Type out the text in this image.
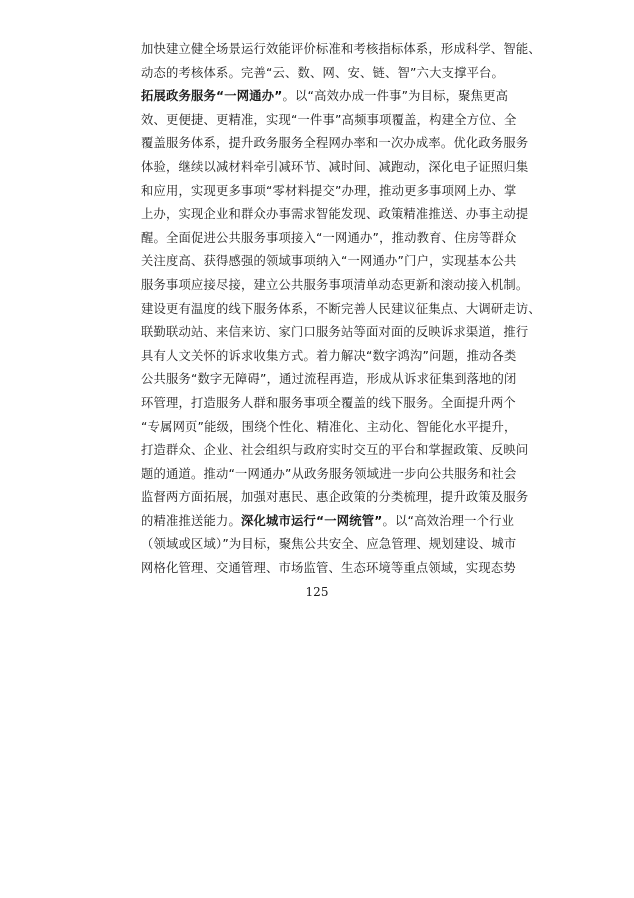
加快建立健全场景运行效能评价标准和考核指标体系，形成科学、智能、
动态的考核体系。完善“云、数、网、安、链、智”六大支撑平台。
拓展政务服务“一网通办”。以“高效办成一件事”为目标，聚焦更高
效、更便捷、更精准，实现“一件事”高频事项覆盖，构建全方位、全
覆盖服务体系，提升政务服务全程网办率和一次办成率。优化政务服务
体验，继续以减材料牵引减环节、减时间、减跑动，深化电子证照归集
和应用，实现更多事项“零材料提交”办理，推动更多事项网上办、掌
上办，实现企业和群众办事需求智能发现、政策精准推送、办事主动提
醒。全面促进公共服务事项接入“一网通办”，推动教育、住房等群众
关注度高、获得感强的领域事项纳入“一网通办”门户，实现基本公共
服务事项应接尽接，建立公共服务事项清单动态更新和滚动接入机制。
建设更有温度的线下服务体系，不断完善人民建议征集点、大调研走访、
联勤联动站、来信来访、家门口服务站等面对面的反映诉求渠道，推行
具有人文关怀的诉求收集方式。着力解决“数字鸿沟”问题，推动各类
公共服务“数字无障碍”，通过流程再造，形成从诉求征集到落地的闭
环管理，打造服务人群和服务事项全覆盖的线下服务。全面提升两个
“专属网页”能级，围绕个性化、精准化、主动化、智能化水平提升，
打造群众、企业、社会组织与政府实时交互的平台和掌握政策、反映问
题的通道。推动“一网通办”从政务服务领域进一步向公共服务和社会
监督两方面拓展，加强对惠民、惠企政策的分类梳理，提升政策及服务
的精准推送能力。深化城市运行“一网统管”。以“高效治理一个行业
（领域或区域）”为目标，聚焦公共安全、应急管理、规划建设、城市
网格化管理、交通管理、市场监管、生态环境等重点领域，实现态势
125
